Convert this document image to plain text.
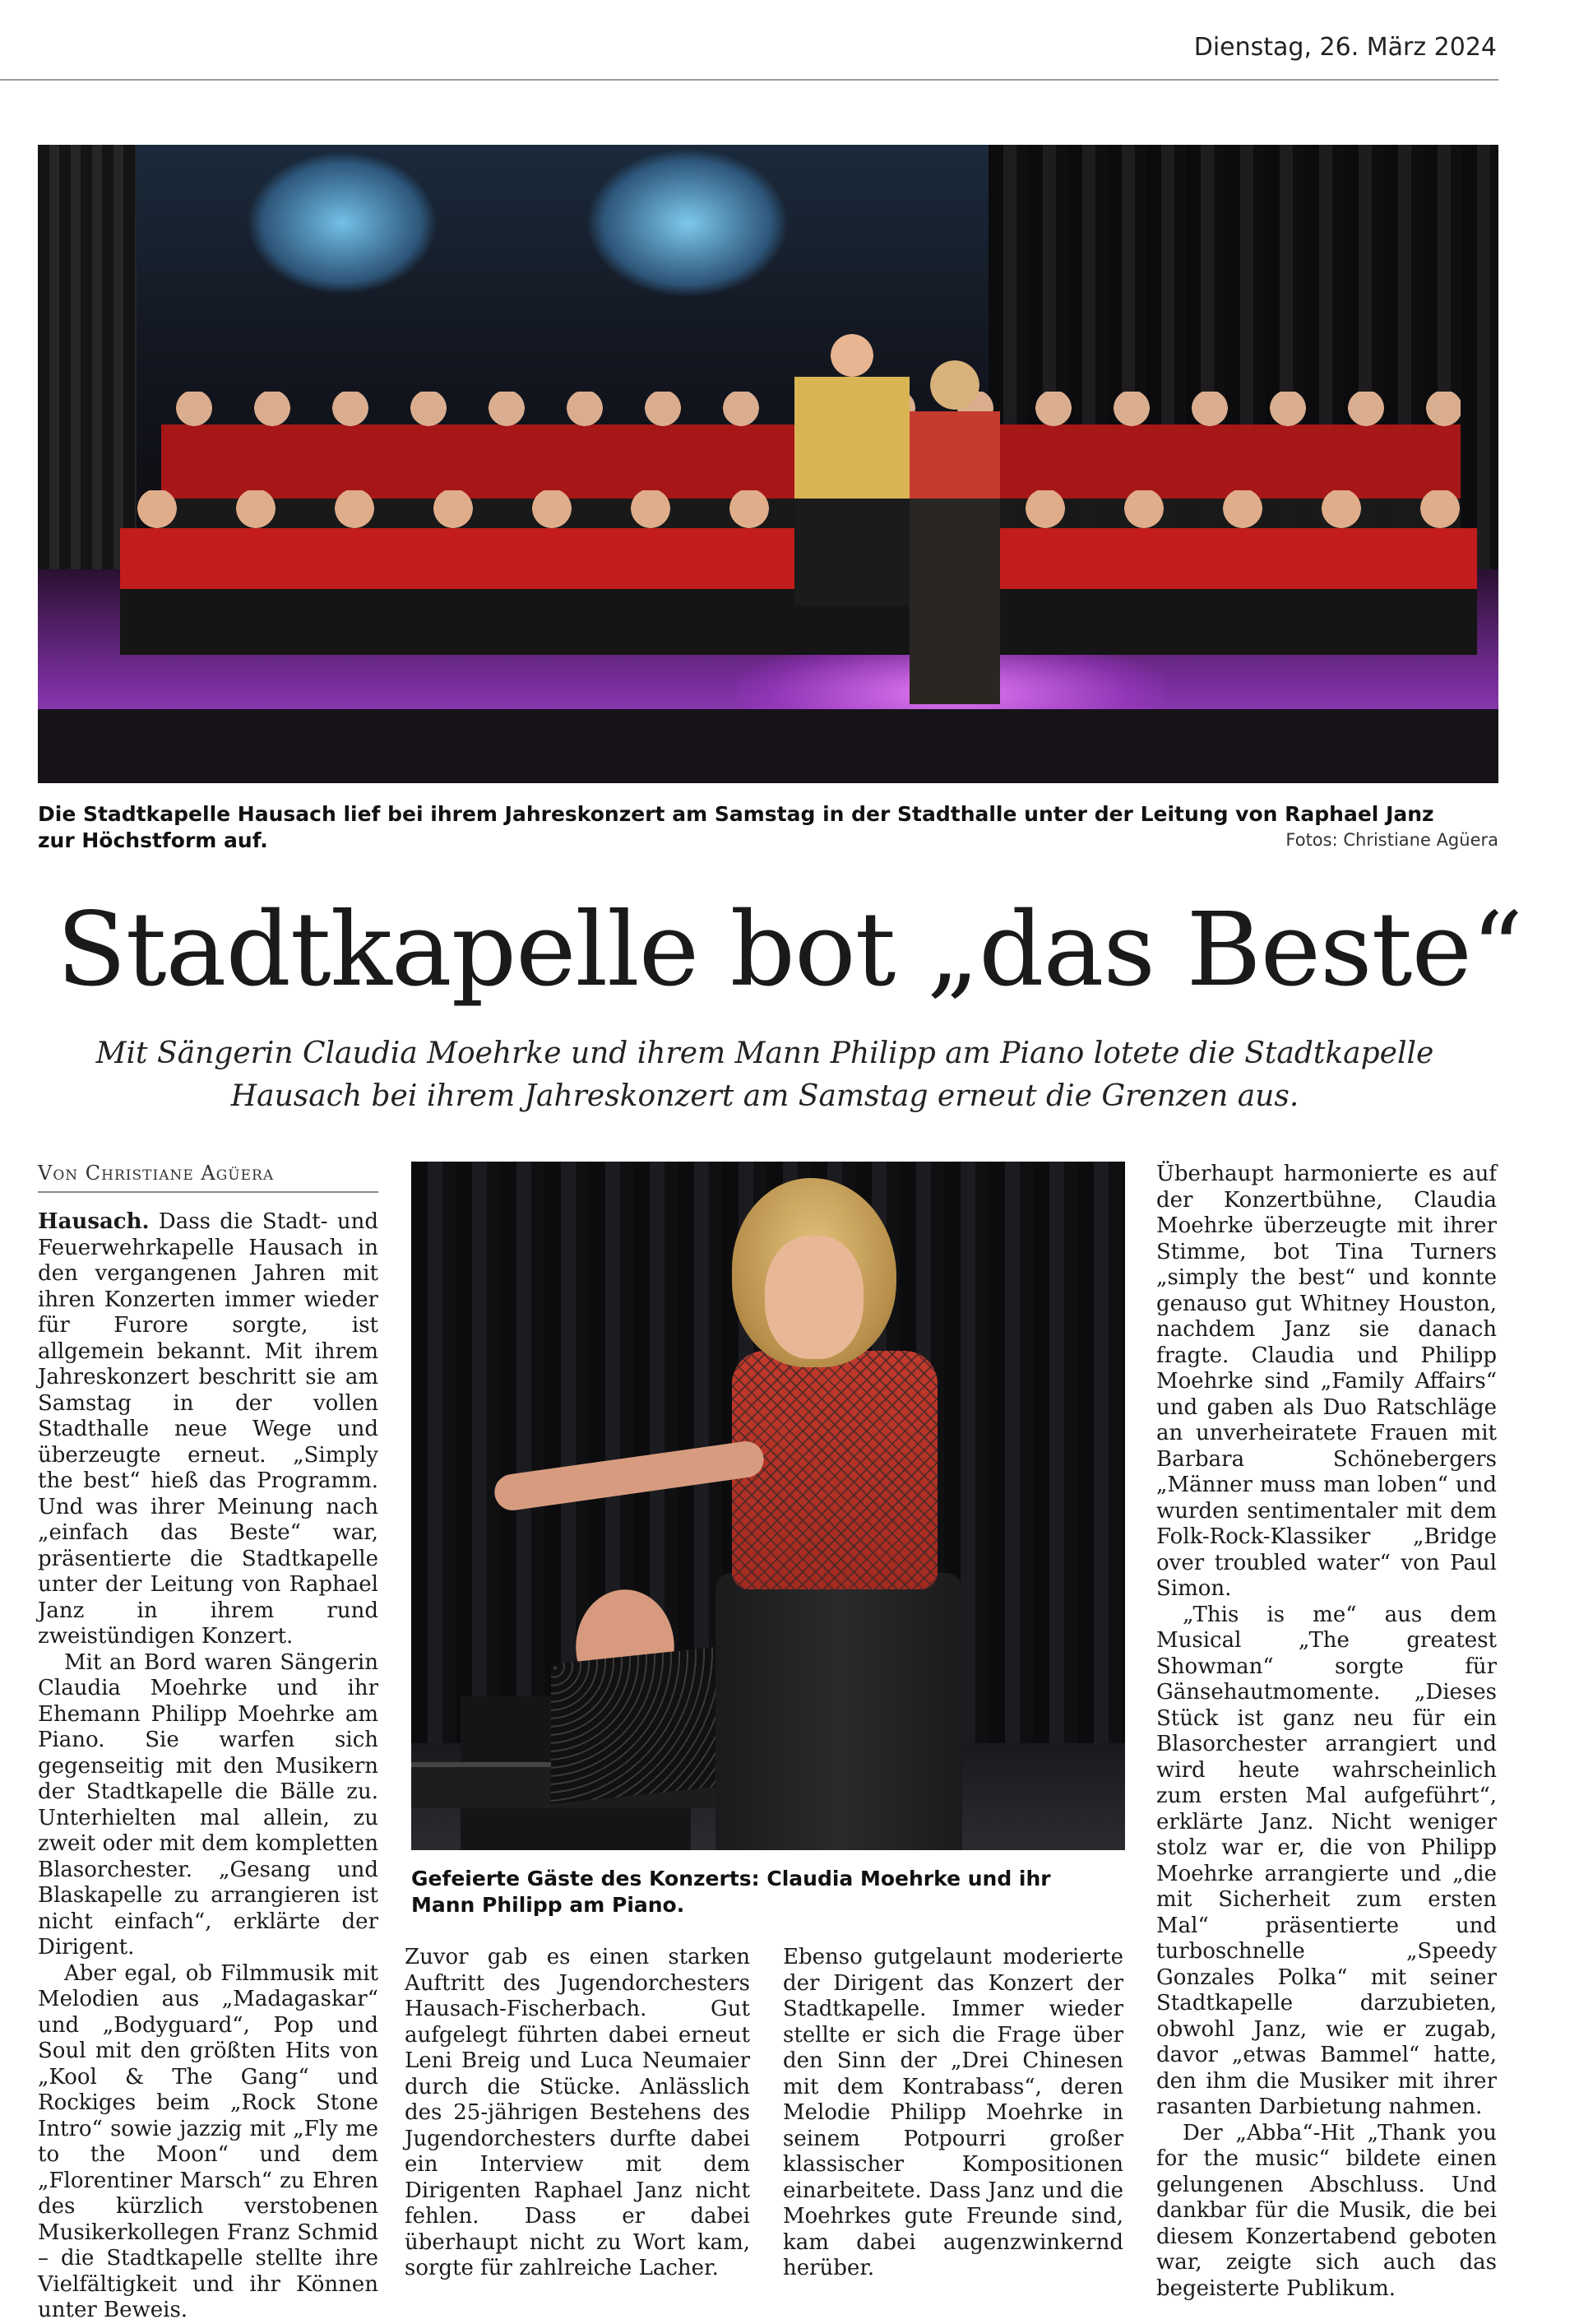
Dienstag, 26. März 2024
Die Stadtkapelle Hausach lief bei ihrem Jahreskonzert am Samstag in der Stadthalle unter der Leitung von Raphael Janz zur Höchstform auf.	Fotos: Christiane Agüera
Stadtkapelle bot „das Beste“
Mit Sängerin Claudia Moehrke und ihrem Mann Philipp am Piano lotete die Stadtkapelle Hausach bei ihrem Jahreskonzert am Samstag erneut die Grenzen aus.
Von Christiane Agüera

Hausach. Dass die Stadt- und Feuerwehrkapelle Hausach in den vergangenen Jahren mit ihren Konzerten immer wieder für Furore sorgte, ist allgemein bekannt. Mit ihrem Jahreskonzert beschritt sie am Samstag in der vollen Stadthalle neue Wege und überzeugte erneut. „Simply the best“ hieß das Programm. Und was ihrer Meinung nach „einfach das Beste“ war, präsentierte die Stadtkapelle unter der Leitung von Raphael Janz in ihrem rund zweistündigen Konzert.

Mit an Bord waren Sängerin Claudia Moehrke und ihr Ehemann Philipp Moehrke am Piano. Sie warfen sich gegenseitig mit den Musikern der Stadtkapelle die Bälle zu. Unterhielten mal allein, zu zweit oder mit dem kompletten Blasorchester. „Gesang und Blaskapelle zu arrangieren ist nicht einfach“, erklärte der Dirigent.

Aber egal, ob Filmmusik mit Melodien aus „Madagaskar“ und „Bodyguard“, Pop und Soul mit den größten Hits von „Kool & The Gang“ und Rockiges beim „Rock Stone Intro“ sowie jazzig mit „Fly me to the Moon“ und dem „Florentiner Marsch“ zu Ehren des kürzlich verstobenen Musikerkollegen Franz Schmid – die Stadtkapelle stellte ihre Vielfältigkeit und ihr Können unter Beweis.

Gefeierte Gäste des Konzerts: Claudia Moehrke und ihr Mann Philipp am Piano.

Zuvor gab es einen starken Auftritt des Jugendorchesters Hausach-Fischerbach. Gut aufgelegt führten dabei erneut Leni Breig und Luca Neumaier durch die Stücke. Anlässlich des 25-jährigen Bestehens des Jugendorchesters durfte dabei ein Interview mit dem Dirigenten Raphael Janz nicht fehlen. Dass er dabei überhaupt nicht zu Wort kam, sorgte für zahlreiche Lacher.

Ebenso gutgelaunt moderierte der Dirigent das Konzert der Stadtkapelle. Immer wieder stellte er sich die Frage über den Sinn der „Drei Chinesen mit dem Kontrabass“, deren Melodie Philipp Moehrke in seinem Potpourri großer klassischer Kompositionen einarbeitete. Dass Janz und die Moehrkes gute Freunde sind, kam dabei augenzwinkernd herüber.

Überhaupt harmonierte es auf der Konzertbühne, Claudia Moehrke überzeugte mit ihrer Stimme, bot Tina Turners „simply the best“ und konnte genauso gut Whitney Houston, nachdem Janz sie danach fragte. Claudia und Philipp Moehrke sind „Family Affairs“ und gaben als Duo Ratschläge an unverheiratete Frauen mit Barbara Schönebergers „Männer muss man loben“ und wurden sentimentaler mit dem Folk-Rock-Klassiker „Bridge over troubled water“ von Paul Simon.

„This is me“ aus dem Musical „The greatest Showman“ sorgte für Gänsehautmomente. „Dieses Stück ist ganz neu für ein Blasorchester arrangiert und wird heute wahrscheinlich zum ersten Mal aufgeführt“, erklärte Janz. Nicht weniger stolz war er, die von Philipp Moehrke arrangierte und „die mit Sicherheit zum ersten Mal“ präsentierte und turboschnelle „Speedy Gonzales Polka“ mit seiner Stadtkapelle darzubieten, obwohl Janz, wie er zugab, davor „etwas Bammel“ hatte, den ihm die Musiker mit ihrer rasanten Darbietung nahmen.

Der „Abba“-Hit „Thank you for the music“ bildete einen gelungenen Abschluss. Und dankbar für die Musik, die bei diesem Konzertabend geboten war, zeigte sich auch das begeisterte Publikum.
